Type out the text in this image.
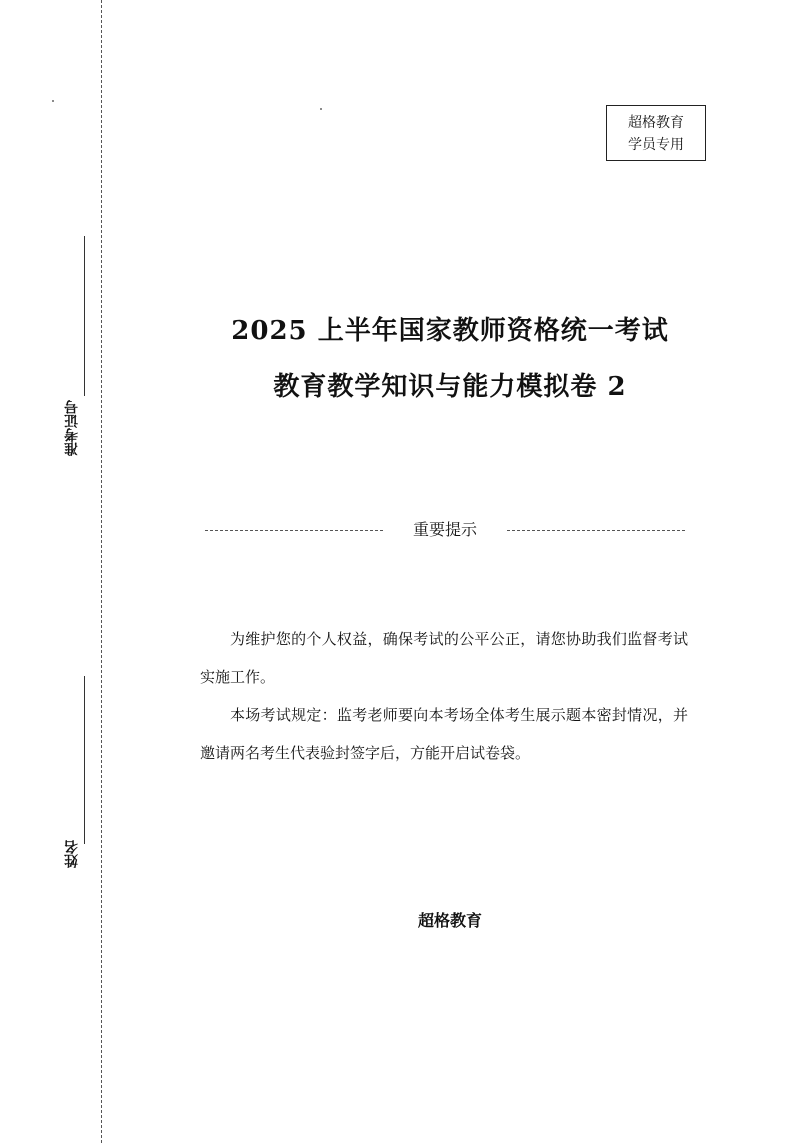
准考证号
姓名
超格教育
学员专用
2025 上半年国家教师资格统一考试
教育教学知识与能力模拟卷 2
重要提示
为维护您的个人权益，确保考试的公平公正，请您协助我们监督考试实施工作。
本场考试规定：监考老师要向本考场全体考生展示题本密封情况，并邀请两名考生代表验封签字后，方能开启试卷袋。
超格教育
